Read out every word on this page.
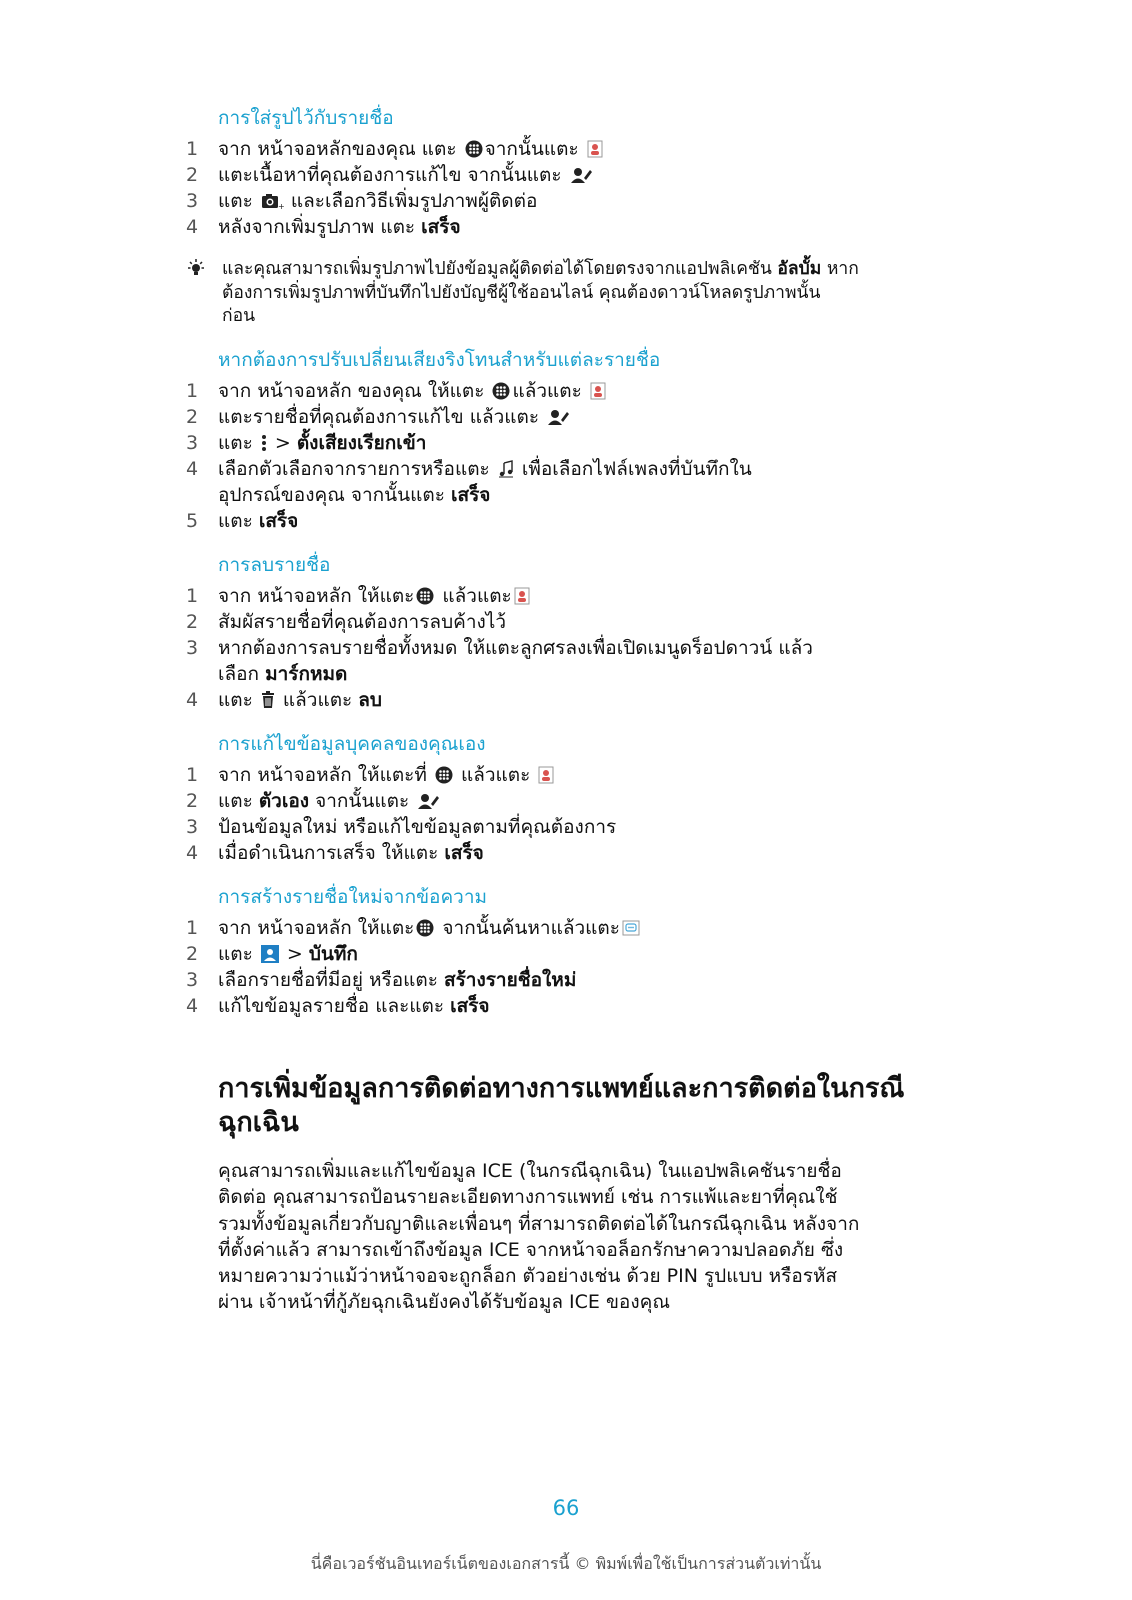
การใส่รูปไว้กับรายชื่อ
1 จาก หน้าจอหลักของคุณ แตะ จากนั้นแตะ
2 แตะเนื้อหาที่คุณต้องการแก้ไข จากนั้นแตะ
3 แตะ + และเลือกวิธีเพิ่มรูปภาพผู้ติดต่อ
4 หลังจากเพิ่มรูปภาพ แตะ เสร็จ
และคุณสามารถเพิ่มรูปภาพไปยังข้อมูลผู้ติดต่อได้โดยตรงจากแอปพลิเคชัน อัลบั้ม หาก
ต้องการเพิ่มรูปภาพที่บันทึกไปยังบัญชีผู้ใช้ออนไลน์ คุณต้องดาวน์โหลดรูปภาพนั้น
ก่อน
หากต้องการปรับเปลี่ยนเสียงริงโทนสำหรับแต่ละรายชื่อ
1 จาก หน้าจอหลัก ของคุณ ให้แตะ แล้วแตะ
2 แตะรายชื่อที่คุณต้องการแก้ไข แล้วแตะ
3 แตะ  > ตั้งเสียงเรียกเข้า
4 เลือกตัวเลือกจากรายการหรือแตะ  เพื่อเลือกไฟล์เพลงที่บันทึกใน
อุปกรณ์ของคุณ จากนั้นแตะ เสร็จ
5 แตะ เสร็จ
การลบรายชื่อ
1 จาก หน้าจอหลัก ให้แตะ แล้วแตะ
2 สัมผัสรายชื่อที่คุณต้องการลบค้างไว้
3 หากต้องการลบรายชื่อทั้งหมด ให้แตะลูกศรลงเพื่อเปิดเมนูดร็อปดาวน์ แล้ว
เลือก มาร์กหมด
4 แตะ  แล้วแตะ ลบ
การแก้ไขข้อมูลบุคคลของคุณเอง
1 จาก หน้าจอหลัก ให้แตะที่  แล้วแตะ
2 แตะ ตัวเอง จากนั้นแตะ
3 ป้อนข้อมูลใหม่ หรือแก้ไขข้อมูลตามที่คุณต้องการ
4 เมื่อดำเนินการเสร็จ ให้แตะ เสร็จ
การสร้างรายชื่อใหม่จากข้อความ
1 จาก หน้าจอหลัก ให้แตะ จากนั้นค้นหาแล้วแตะ
2 แตะ  > บันทึก
3 เลือกรายชื่อที่มีอยู่ หรือแตะ สร้างรายชื่อใหม่
4 แก้ไขข้อมูลรายชื่อ และแตะ เสร็จ
การเพิ่มข้อมูลการติดต่อทางการแพทย์และการติดต่อในกรณี
ฉุกเฉิน
คุณสามารถเพิ่มและแก้ไขข้อมูล ICE (ในกรณีฉุกเฉิน) ในแอปพลิเคชันรายชื่อ
ติดต่อ คุณสามารถป้อนรายละเอียดทางการแพทย์ เช่น การแพ้และยาที่คุณใช้
รวมทั้งข้อมูลเกี่ยวกับญาติและเพื่อนๆ ที่สามารถติดต่อได้ในกรณีฉุกเฉิน หลังจาก
ที่ตั้งค่าแล้ว สามารถเข้าถึงข้อมูล ICE จากหน้าจอล็อกรักษาความปลอดภัย ซึ่ง
หมายความว่าแม้ว่าหน้าจอจะถูกล็อก ตัวอย่างเช่น ด้วย PIN รูปแบบ หรือรหัส
ผ่าน เจ้าหน้าที่กู้ภัยฉุกเฉินยังคงได้รับข้อมูล ICE ของคุณ
66
นี่คือเวอร์ชันอินเทอร์เน็ตของเอกสารนี้ © พิมพ์เพื่อใช้เป็นการส่วนตัวเท่านั้น
